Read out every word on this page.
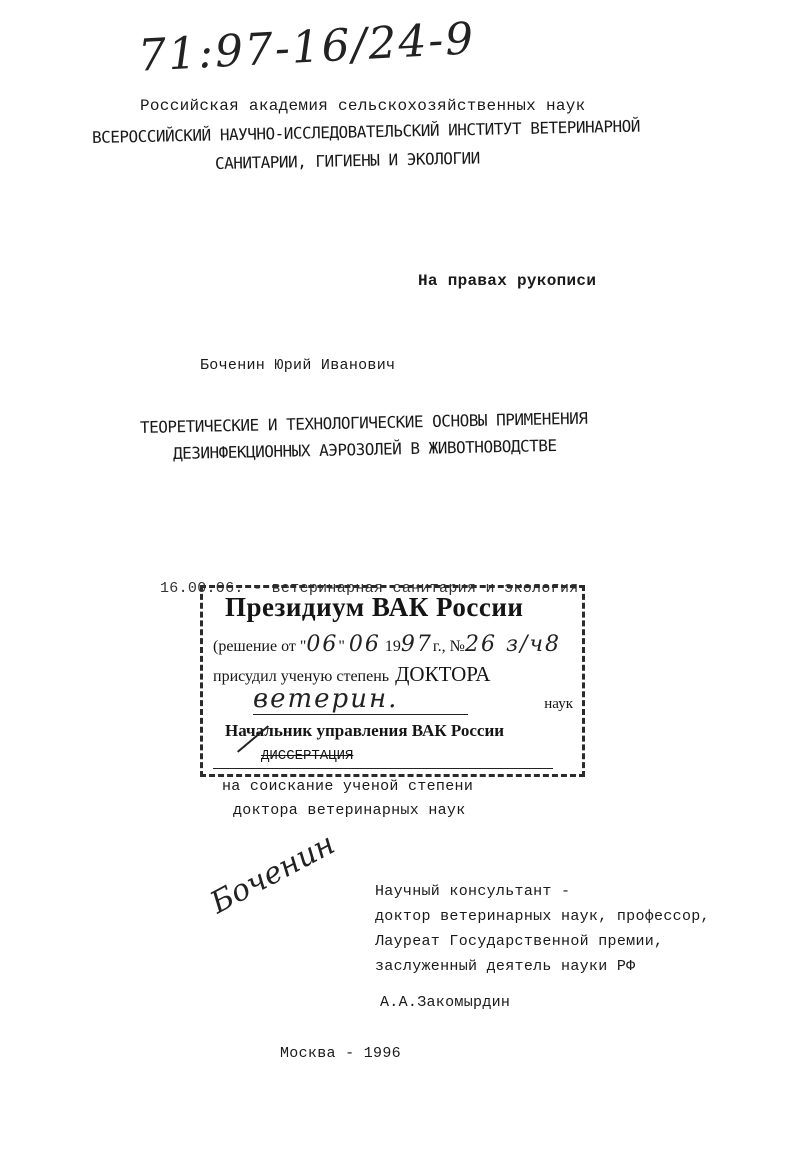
71:97-16/24-9
Российская академия сельскохозяйственных наук
ВСЕРОССИЙСКИЙ НАУЧНО-ИССЛЕДОВАТЕЛЬСКИЙ ИНСТИТУТ ВЕТЕРИНАРНОЙ
САНИТАРИИ, ГИГИЕНЫ И ЭКОЛОГИИ
На правах рукописи
Боченин Юрий Иванович
ТЕОРЕТИЧЕСКИЕ И ТЕХНОЛОГИЧЕСКИЕ ОСНОВЫ ПРИМЕНЕНИЯ
ДЕЗИНФЕКЦИОННЫХ АЭРОЗОЛЕЙ В ЖИВОТНОВОДСТВЕ
16.00.06. - ветеринарная санитария и экология
Президиум ВАК России
(решение от "06" 06 1997г., №26 з/ч8
присудил ученую степень ДОКТОРА
ветерин.	наук
Начальник управления ВАК России
ДИССЕРТАЦИЯ
на соискание ученой степени
доктора ветеринарных наук
Боченин Научный консультант -
доктор ветеринарных наук, профессор,
Лауреат Государственной премии,
заслуженный деятель науки РФ
А.А.Закомырдин
Москва - 1996
